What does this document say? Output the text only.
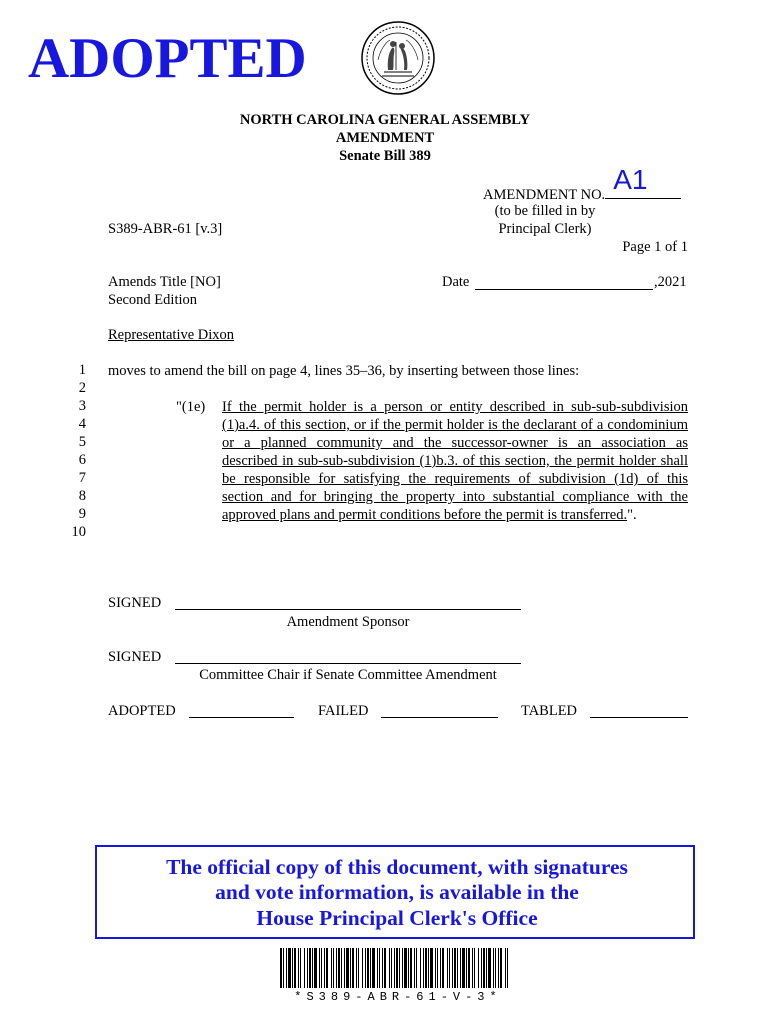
ADOPTED
NORTH CAROLINA GENERAL ASSEMBLY
AMENDMENT
Senate Bill 389
AMENDMENT NO. A1
(to be filled in by
Principal Clerk)
S389-ABR-61 [v.3]
Page 1 of 1
Amends Title [NO]
Second Edition
Date	,2021
Representative Dixon
1
2
3
4
5
6
7
8
9
10
moves to amend the bill on page 4, lines 35–36, by inserting between those lines:
"(1e) If the permit holder is a person or entity described in sub-sub-subdivision
(1)a.4. of this section, or if the permit holder is the declarant of a condominium
or a planned community and the successor-owner is an association as
described in sub-sub-subdivision (1)b.3. of this section, the permit holder shall
be responsible for satisfying the requirements of subdivision (1d) of this
section and for bringing the property into substantial compliance with the
approved plans and permit conditions before the permit is transferred.".
SIGNED
Amendment Sponsor
SIGNED
Committee Chair if Senate Committee Amendment
ADOPTED	FAILED	TABLED
The official copy of this document, with signatures
and vote information, is available in the
House Principal Clerk's Office
*S389-ABR-61-V-3*
